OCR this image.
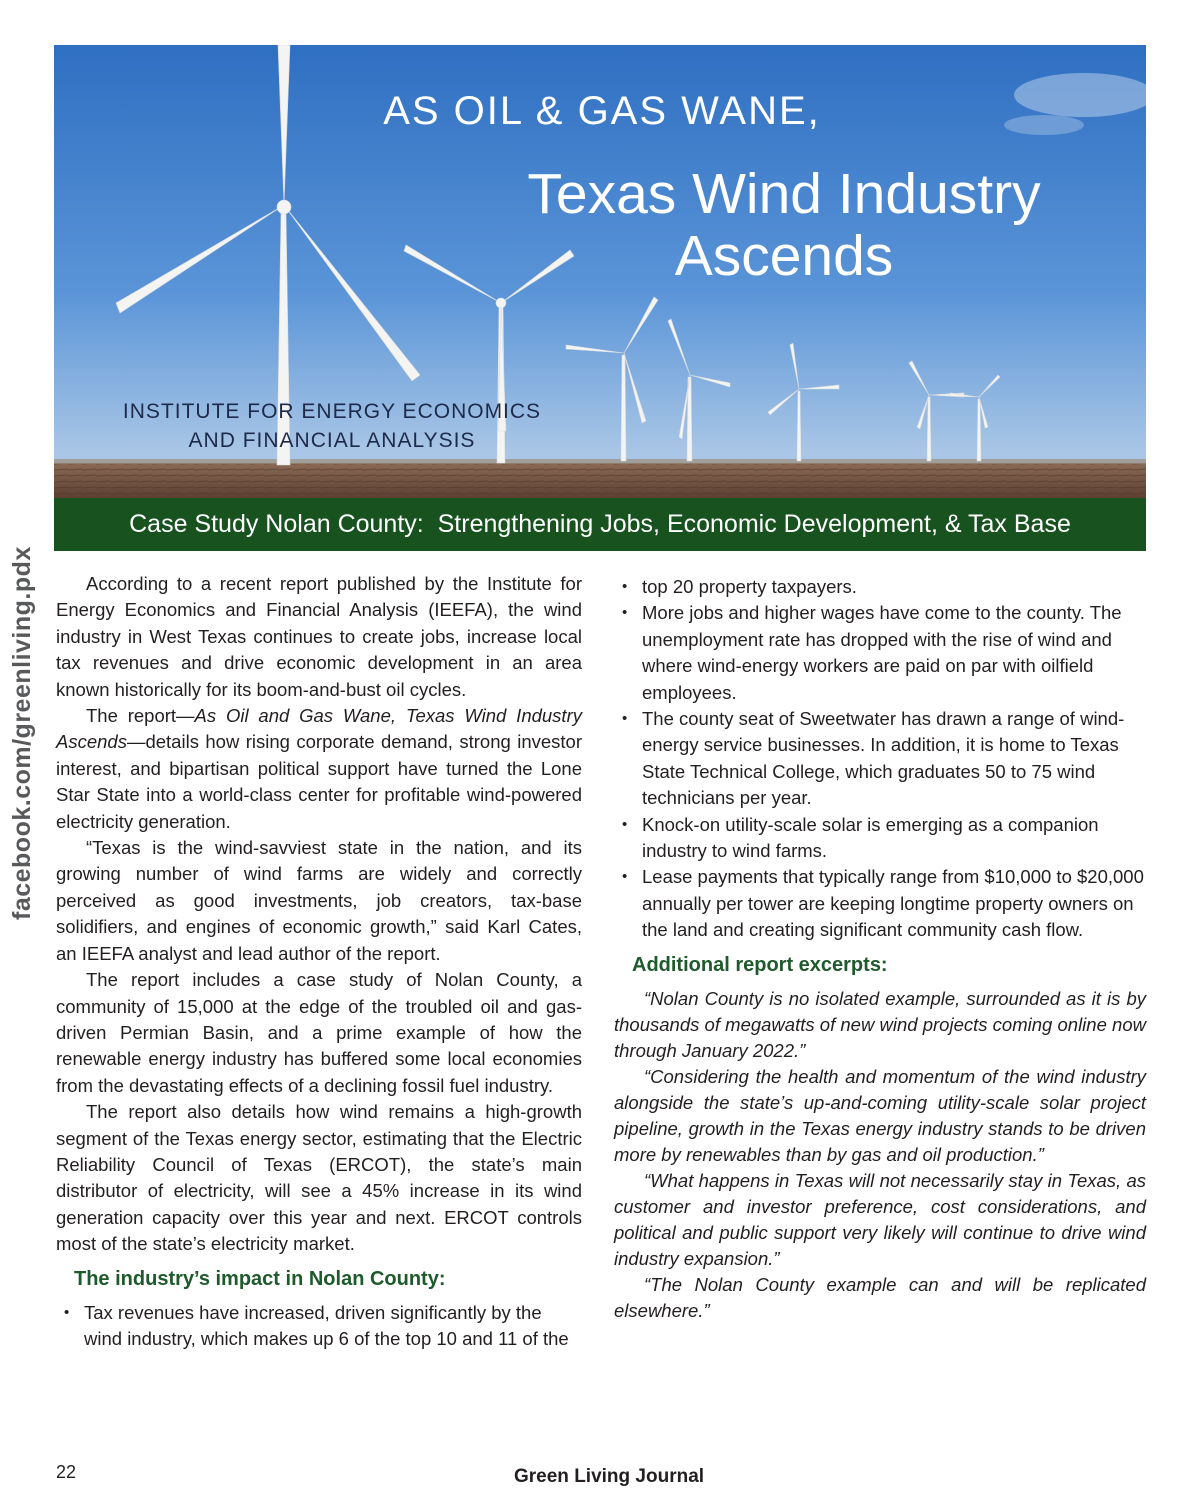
AS OIL & GAS WANE,
Texas Wind Industry
Ascends
INSTITUTE FOR ENERGY ECONOMICS
AND FINANCIAL ANALYSIS
Case Study Nolan County:  Strengthening Jobs, Economic Development, & Tax Base
facebook.com/greenliving.pdx	According to a recent report published by the Institute for Energy Economics and Financial Analysis (IEEFA), the wind industry in West Texas continues to create jobs, increase local tax revenues and drive economic development in an area known historically for its boom-and-bust oil cycles.

The report—As Oil and Gas Wane, Texas Wind Industry Ascends—details how rising corporate demand, strong investor interest, and bipartisan political support have turned the Lone Star State into a world-class center for profitable wind-powered electricity generation.

“Texas is the wind-savviest state in the nation, and its growing number of wind farms are widely and correctly perceived as good investments, job creators, tax-base solidifiers, and engines of economic growth,” said Karl Cates, an IEEFA analyst and lead author of the report.

The report includes a case study of Nolan County, a community of 15,000 at the edge of the troubled oil and gas-driven Permian Basin, and a prime example of how the renewable energy industry has buffered some local economies from the devastating effects of a declining fossil fuel industry.

The report also details how wind remains a high-growth segment of the Texas energy sector, estimating that the Electric Reliability Council of Texas (ERCOT), the state’s main distributor of electricity, will see a 45% increase in its wind generation capacity over this year and next. ERCOT controls most of the state’s electricity market.

The industry’s impact in Nolan County:
• Tax revenues have increased, driven significantly by the wind industry, which makes up 6 of the top 10 and 11 of the
• top 20 property taxpayers.
• More jobs and higher wages have come to the county. The unemployment rate has dropped with the rise of wind and where wind-energy workers are paid on par with oilfield employees.
• The county seat of Sweetwater has drawn a range of wind-energy service businesses. In addition, it is home to Texas State Technical College, which graduates 50 to 75 wind technicians per year.
• Knock-on utility-scale solar is emerging as a companion industry to wind farms.
• Lease payments that typically range from $10,000 to $20,000 annually per tower are keeping longtime property owners on the land and creating significant community cash flow.
Additional report excerpts:

“Nolan County is no isolated example, surrounded as it is by thousands of megawatts of new wind projects coming online now through January 2022.”

“Considering the health and momentum of the wind industry alongside the state’s up-and-coming utility-scale solar project pipeline, growth in the Texas energy industry stands to be driven more by renewables than by gas and oil production.”

“What happens in Texas will not necessarily stay in Texas, as customer and investor preference, cost considerations, and political and public support very likely will continue to drive wind industry expansion.”

“The Nolan County example can and will be replicated elsewhere.”

22	Green Living Journal
